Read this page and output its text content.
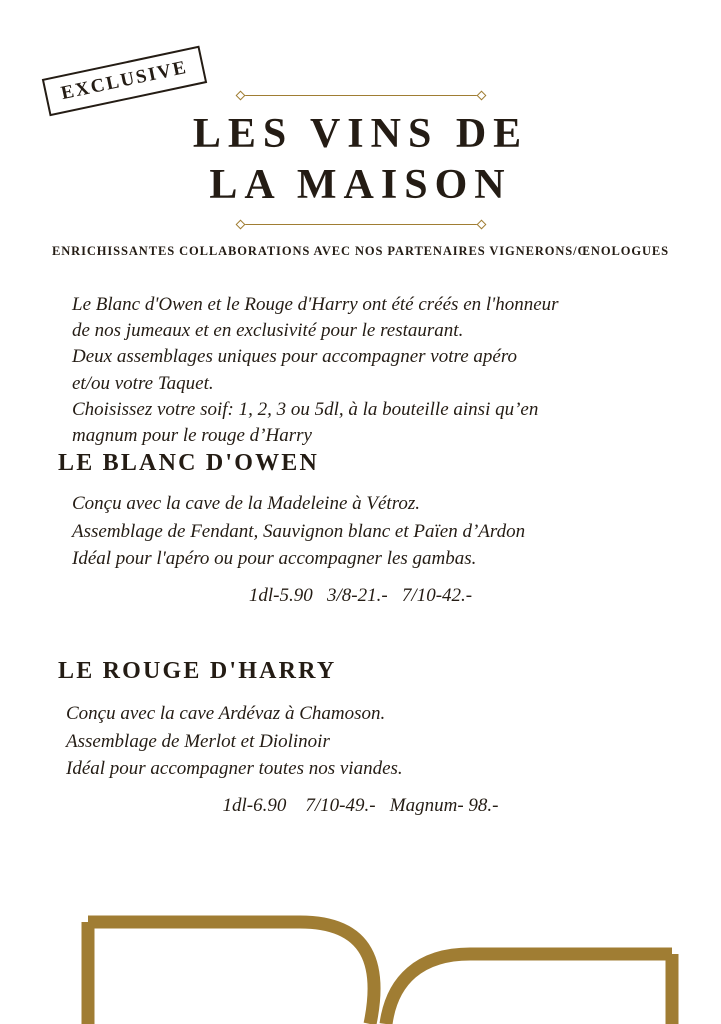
EXCLUSIVE
LES VINS DE
LA MAISON
ENRICHISSANTES COLLABORATIONS AVEC NOS PARTENAIRES VIGNERONS/ŒNOLOGUES
Le Blanc d'Owen et le Rouge d'Harry ont été créés en l'honneur
de nos jumeaux et en exclusivité pour le restaurant.
Deux assemblages uniques pour accompagner votre apéro
et/ou votre Taquet.
Choisissez votre soif: 1, 2, 3 ou 5dl, à la bouteille ainsi qu’en
magnum pour le rouge d’Harry
LE BLANC D'OWEN
Conçu avec la cave de la Madeleine à Vétroz.
Assemblage de Fendant, Sauvignon blanc et Païen d’Ardon
Idéal pour l'apéro ou pour accompagner les gambas.
1dl-5.90   3/8-21.-   7/10-42.-
LE ROUGE D'HARRY
Conçu avec la cave Ardévaz à Chamoson.
Assemblage de Merlot et Diolinoir
Idéal pour accompagner toutes nos viandes.
1dl-6.90    7/10-49.-   Magnum- 98.-
